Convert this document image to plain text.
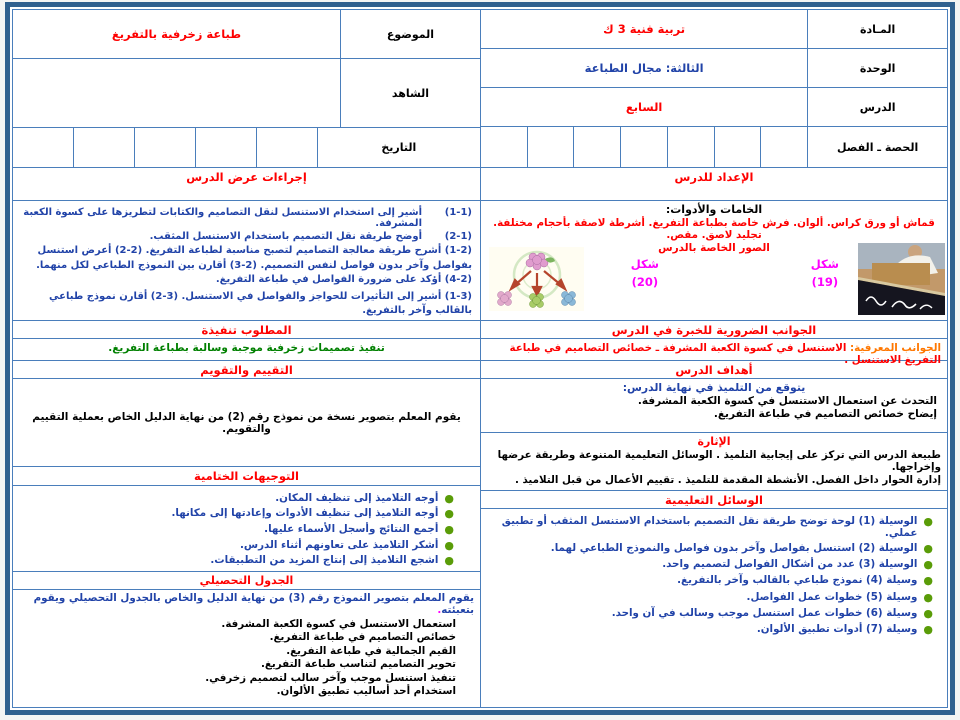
المـادة
تربية فنية 3 ك
الوحدة
الثالثة: مجال الطباعة
الدرس
السابع
الحصة ـ الفصل
الموضوع
طباعة زخرفية بالتفريغ
الشاهد
التاريخ
الإعداد للدرس
الخامات والأدوات:
قماش أو ورق كراس. ألوان. فرش خاصة بطباعة التفريغ. أشرطة لاصقة بأحجام مختلفة. تجليد لاصق. مقص.
الصور الخاصة بالدرس
شكل
(19)
شكل
(20)
الجوانب الضرورية للخبرة في الدرس
الجوانب المعرفية: الاستنسل في كسوة الكعبة المشرفة ـ خصائص التصاميم في طباعة التفريغ الاستنسل .
أهداف الدرس
يتوقع من التلميذ في نهاية الدرس:
التحدث عن استعمال الاستنسل في كسوة الكعبة المشرفة.
إيضاح خصائص التصاميم في طباعة التفريغ.
الإثارة
طبيعة الدرس التي تركز على إيجابية التلميذ . الوسائل التعليمية المتنوعة وطريقة عرضها وإخراجها.
إدارة الحوار داخل الفصل. الأنشطة المقدمة للتلميذ . تقييم الأعمال من قبل التلاميذ .
الوسائل التعليمية
●
الوسيلة (1) لوحة توضح طريقة نقل التصميم باستخدام الاستنسل المثقب أو تطبيق عملي.
●
الوسيلة (2) استنسل بفواصل وآخر بدون فواصل والنموذج الطباعي لهما.
●
الوسيلة (3) عدد من أشكال الفواصل لتصميم واحد.
●
وسيلة (4) نموذج طباعي بالقالب وآخر بالتفريغ.
●
وسيلة (5) خطوات عمل الفواصل.
●
وسيلة (6) خطوات عمل استنسل موجب وسالب في آن واحد.
●
وسيلة (7) أدوات تطبيق الألوان.
إجراءات عرض الدرس
(1-1)
أشير إلى استخدام الاستنسل لنقل التصاميم والكتابات لتطريزها على كسوة الكعبة المشرفة.
(2-1)
أوضح طريقة نقل التصميم باستخدام الاستنسل المثقب.
(1-2) أشرح طريقة معالجة التصاميم لتصبح مناسبة لطباعة التفريغ. (2-2) أعرض استنسل بفواصل وآخر بدون فواصل لنفس التصميم. (2-3) أقارن بين النموذج الطباعي لكل منهما. (2-4) أؤكد على ضرورة الفواصل في طباعة التفريغ.
(1-3) أشير إلى التأثيرات للحواجز والفواصل في الاستنسل. (3-2) أقارن نموذج طباعي بالقالب وآخر بالتفريغ.
المطلوب تنفيذة
تنفيذ تصميمات زخرفية موجبة وسالبة بطباعة التفريغ.
التقييم والتقويم
يقوم المعلم بتصوير نسخة من نموذج رقم (2) من نهاية الدليل الخاص بعملية التقييم والتقويم.
التوجيهات الختامية
●
أوجه التلاميذ إلى تنظيف المكان.
●
أوجه التلاميذ إلى تنظيف الأدوات وإعادتها إلى مكانها.
●
أجمع النتائج وأسجل الأسماء عليها.
●
أشكر التلاميذ على تعاونهم أثناء الدرس.
●
اشجع التلاميذ إلى إنتاج المزيد من التطبيقات.
الجدول التحصيلي
يقوم المعلم بتصوير النموذج رقم (3) من نهاية الدليل والخاص بالجدول التحصيلي ويقوم بتعبئته.
استعمال الاستنسل في كسوة الكعبة المشرفة.
خصائص التصاميم في طباعة التفريغ.
القيم الجمالية في طباعة التفريغ.
تحوير التصاميم لتناسب طباعة التفريغ.
تنفيذ استنسل موجب وآخر سالب لتصميم زخرفي.
استخدام أحد أساليب تطبيق الألوان.
